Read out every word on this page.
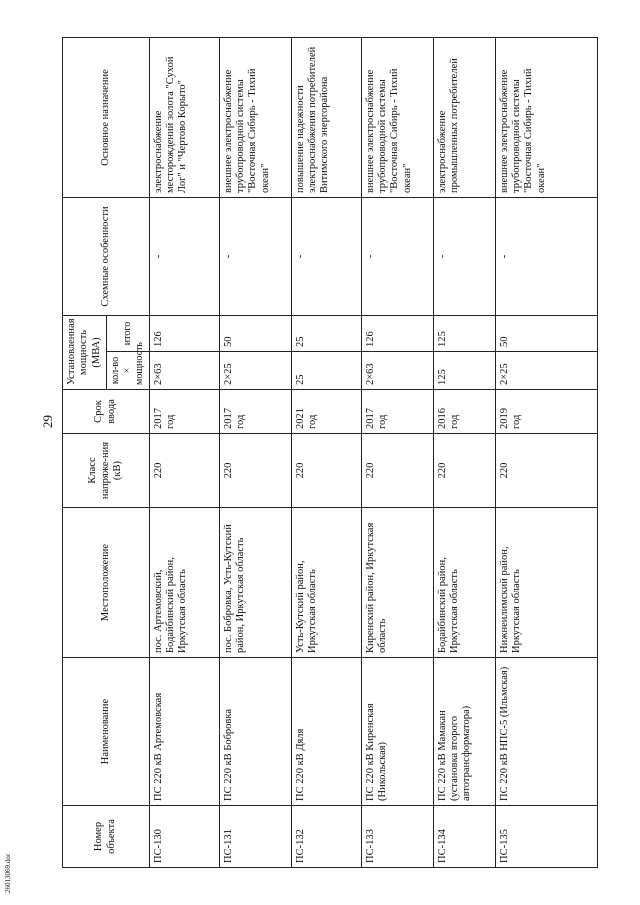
29
26013069.doc
Номер объекта	Наименование	Местоположение	Класс напряже-ния (кВ)	Срок ввода	Установленная мощность (МВА)		Схемные особенности	Основное назначение
					кол-во × мощность	итого		
ПС-130	ПС 220 кВ Артемовская	пос. Артемовский, Бодайбинский район, Иркутская область	220	2017 год	2×63	126	-	электроснабжение месторождений золота "Сухой Лог" и "Чертово Корыто"
ПС-131	ПС 220 кВ Бобровка	пос. Бобровка, Усть-Кутский район, Иркутская область	220	2017 год	2×25	50	-	внешнее электроснабжение трубопроводной системы "Восточная Сибирь - Тихий океан"
ПС-132	ПС 220 кВ Дяля	Усть-Кутский район, Иркутская область	220	2021 год	25	25	-	повышение надежности электроснабжения потребителей Витимского энергорайона
ПС-133	ПС 220 кВ Киренская (Никольская)	Киренский район, Иркутская область	220	2017 год	2×63	126	-	внешнее электроснабжение трубопроводной системы "Восточная Сибирь - Тихий океан"
ПС-134	ПС 220 кВ Мамакан (установка второго автотрансформатора)	Бодайбинский район, Иркутская область	220	2016 год	125	125	-	электроснабжение промышленных потребителей
ПС-135	ПС 220 кВ НПС-5 (Ильмская)	Нижнеилимский район, Иркутская область	220	2019 год	2×25	50	-	внешнее электроснабжение трубопроводной системы "Восточная Сибирь - Тихий океан"
